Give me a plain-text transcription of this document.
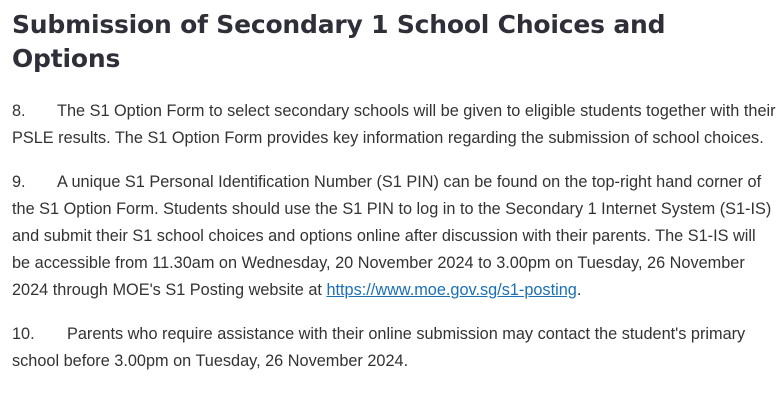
Submission of Secondary 1 School Choices and Options

8. The S1 Option Form to select secondary schools will be given to eligible students together with their PSLE results. The S1 Option Form provides key information regarding the submission of school choices.

9. A unique S1 Personal Identification Number (S1 PIN) can be found on the top-right hand corner of the S1 Option Form. Students should use the S1 PIN to log in to the Secondary 1 Internet System (S1-IS) and submit their S1 school choices and options online after discussion with their parents. The S1-IS will be accessible from 11.30am on Wednesday, 20 November 2024 to 3.00pm on Tuesday, 26 November 2024 through MOE's S1 Posting website at https://www.moe.gov.sg/s1-posting.

10. Parents who require assistance with their online submission may contact the student's primary school before 3.00pm on Tuesday, 26 November 2024.
